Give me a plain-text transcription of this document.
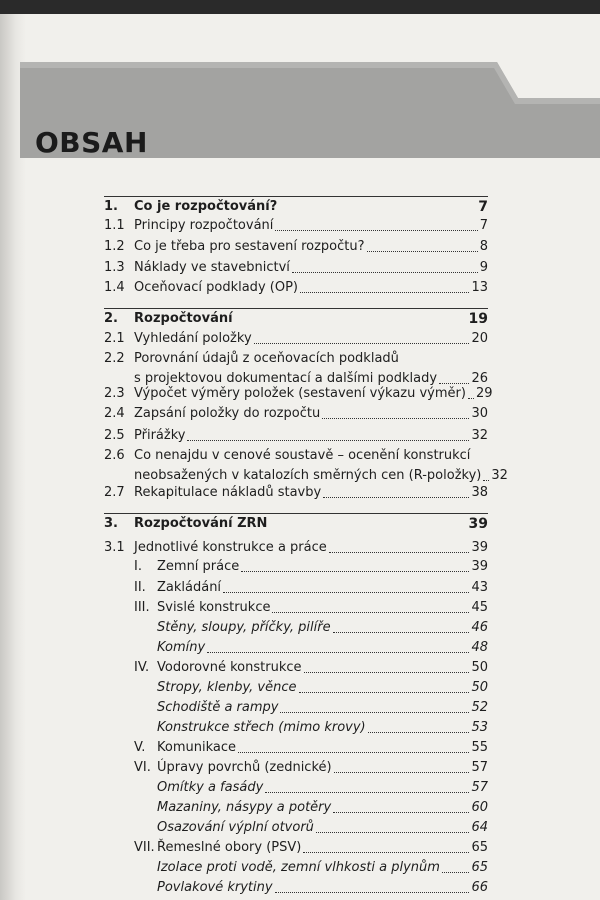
OBSAH
1. Co je rozpočtování?	7
1.1 Principy rozpočtování	7
1.2 Co je třeba pro sestavení rozpočtu?	8
1.3 Náklady ve stavebnictví	9
1.4 Oceňovací podklady (OP)	13
2. Rozpočtování	19
2.1 Vyhledání položky	20
2.2 Porovnání údajů z oceňovacích podkladů
s projektovou dokumentací a dalšími podklady	26
2.3 Výpočet výměry položek (sestavení výkazu výměr) 29
2.4 Zapsání položky do rozpočtu	30
2.5 Přirážky	32
2.6 Co nenajdu v cenové soustavě – ocenění konstrukcí
neobsažených v katalozích směrných cen (R-položky) 32
2.7 Rekapitulace nákladů stavby	38
3. Rozpočtování ZRN	39
3.1 Jednotlivé konstrukce a práce	39
I. Zemní práce	39
II. Zakládání	43
III. Svislé konstrukce	45
Stěny, sloupy, příčky, pilíře	46
Komíny	48
IV. Vodorovné konstrukce	50
Stropy, klenby, věnce	50
Schodiště a rampy	52
Konstrukce střech (mimo krovy)	53
V. Komunikace	55
VI. Úpravy povrchů (zednické)	57
Omítky a fasády	57
Mazaniny, násypy a potěry	60
Osazování výplní otvorů	64
VII. Řemeslné obory (PSV)	65
Izolace proti vodě, zemní vlhkosti a plynům 65
Povlakové krytiny	66
